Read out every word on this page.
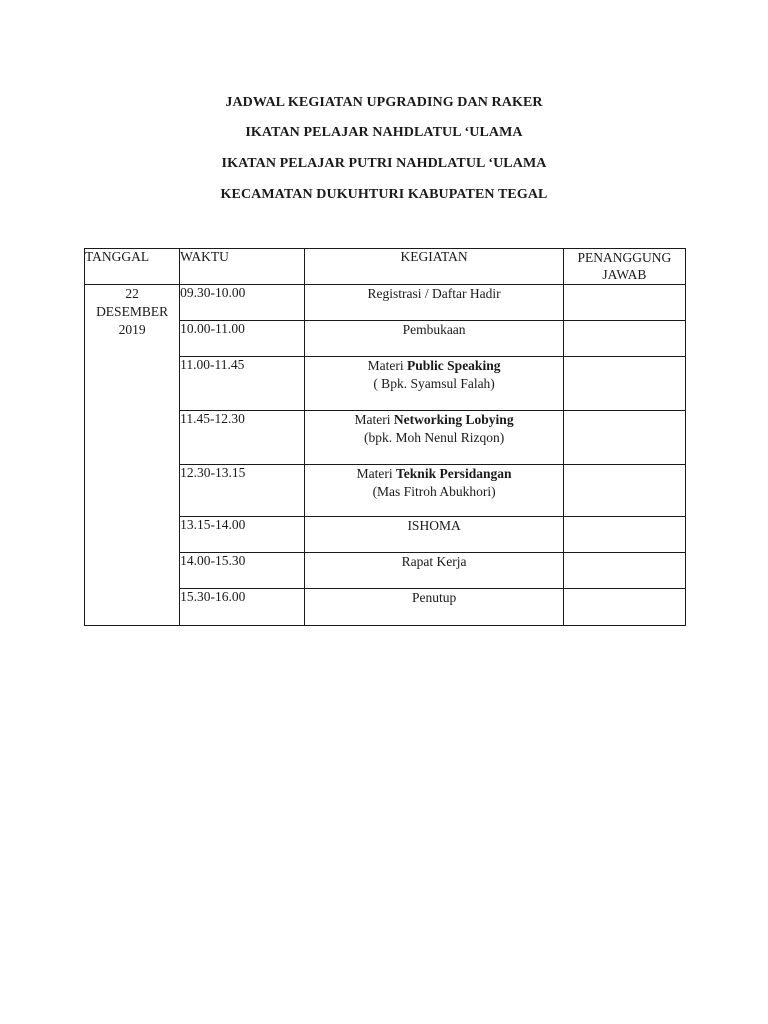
JADWAL KEGIATAN UPGRADING DAN RAKER
IKATAN PELAJAR NAHDLATUL ‘ULAMA
IKATAN PELAJAR PUTRI NAHDLATUL ‘ULAMA
KECAMATAN DUKUHTURI KABUPATEN TEGAL
TANGGAL	WAKTU	KEGIATAN	PENANGGUNG
JAWAB

22
DESEMBER
2019	09.30-10.00	Registrasi / Daftar Hadir	

	10.00-11.00	Pembukaan	

	11.00-11.45	Materi Public Speaking
( Bpk. Syamsul Falah)	

	11.45-12.30	Materi Networking Lobying
(bpk. Moh Nenul Rizqon)	

	12.30-13.15	Materi Teknik Persidangan
(Mas Fitroh Abukhori)	

	13.15-14.00	ISHOMA	

	14.00-15.30	Rapat Kerja	

	15.30-16.00	Penutup	
